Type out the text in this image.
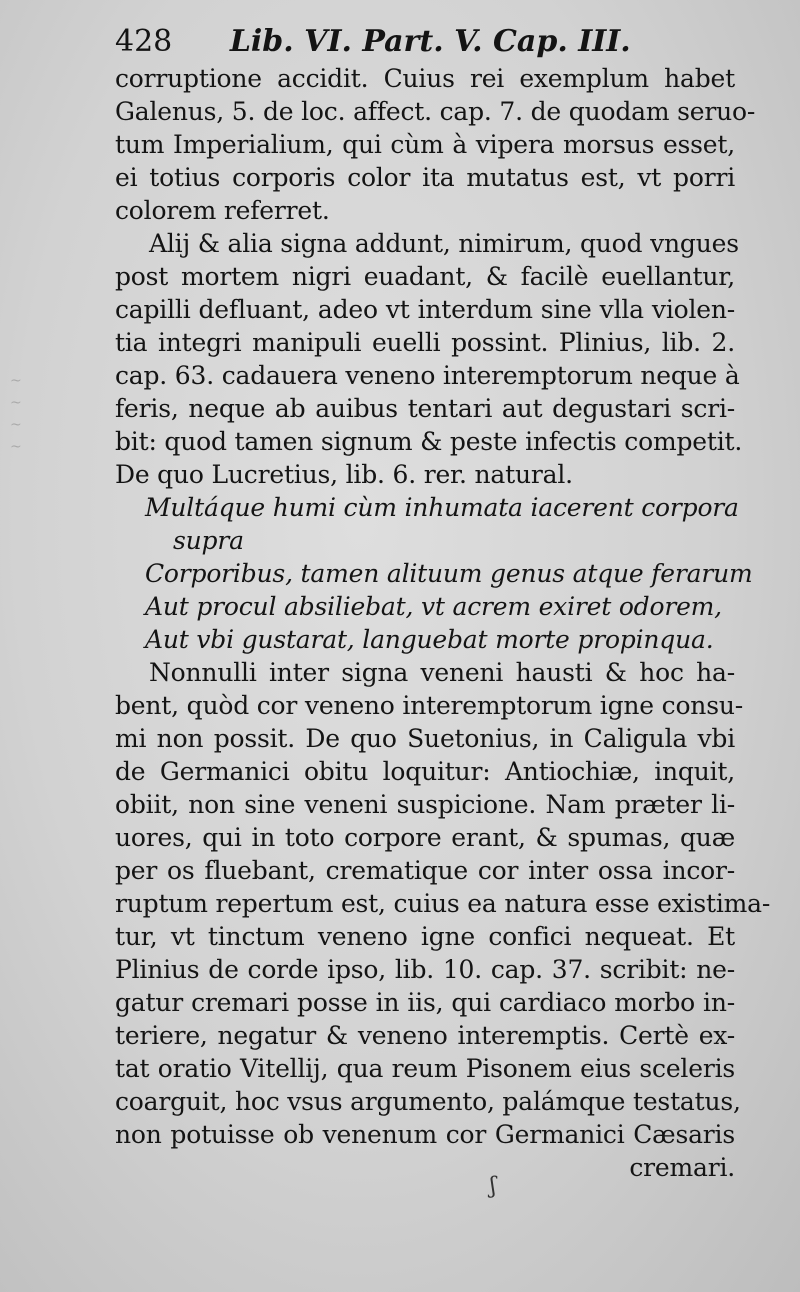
~
~
~
~
428 Lib. VI. Part. V. Cap. III.
corruptione accidit. Cuius rei exemplum habet
Galenus, 5. de loc. affect. cap. 7. de quodam seruo-
tum Imperialium, qui cùm à vipera morsus esset,
ei totius corporis color ita mutatus est, vt porri
colorem referret.
Alij & alia signa addunt, nimirum, quod vngues
post mortem nigri euadant, & facilè euellantur,
capilli defluant, adeo vt interdum sine vlla violen-
tia integri manipuli euelli possint. Plinius, lib. 2.
cap. 63. cadauera veneno interemptorum neque à
feris, neque ab auibus tentari aut degustari scri-
bit: quod tamen signum & peste infectis competit.
De quo Lucretius, lib. 6. rer. natural.
Multáque humi cùm inhumata iacerent corpora
supra
Corporibus, tamen alituum genus atque ferarum
Aut procul absiliebat, vt acrem exiret odorem,
Aut vbi gustarat, languebat morte propinqua.
Nonnulli inter signa veneni hausti & hoc ha-
bent, quòd cor veneno interemptorum igne consu-
mi non possit. De quo Suetonius, in Caligula vbi
de Germanici obitu loquitur: Antiochiæ, inquit,
obiit, non sine veneni suspicione. Nam præter li-
uores, qui in toto corpore erant, & spumas, quæ
per os fluebant, crematique cor inter ossa incor-
ruptum repertum est, cuius ea natura esse existima-
tur, vt tinctum veneno igne confici nequeat. Et
Plinius de corde ipso, lib. 10. cap. 37. scribit: ne-
gatur cremari posse in iis, qui cardiaco morbo in-
teriere, negatur & veneno interemptis. Certè ex-
tat oratio Vitellij, qua reum Pisonem eius sceleris
coarguit, hoc vsus argumento, palámque testatus,
non potuisse ob venenum cor Germanici Cæsaris
cremari.
ʃ
